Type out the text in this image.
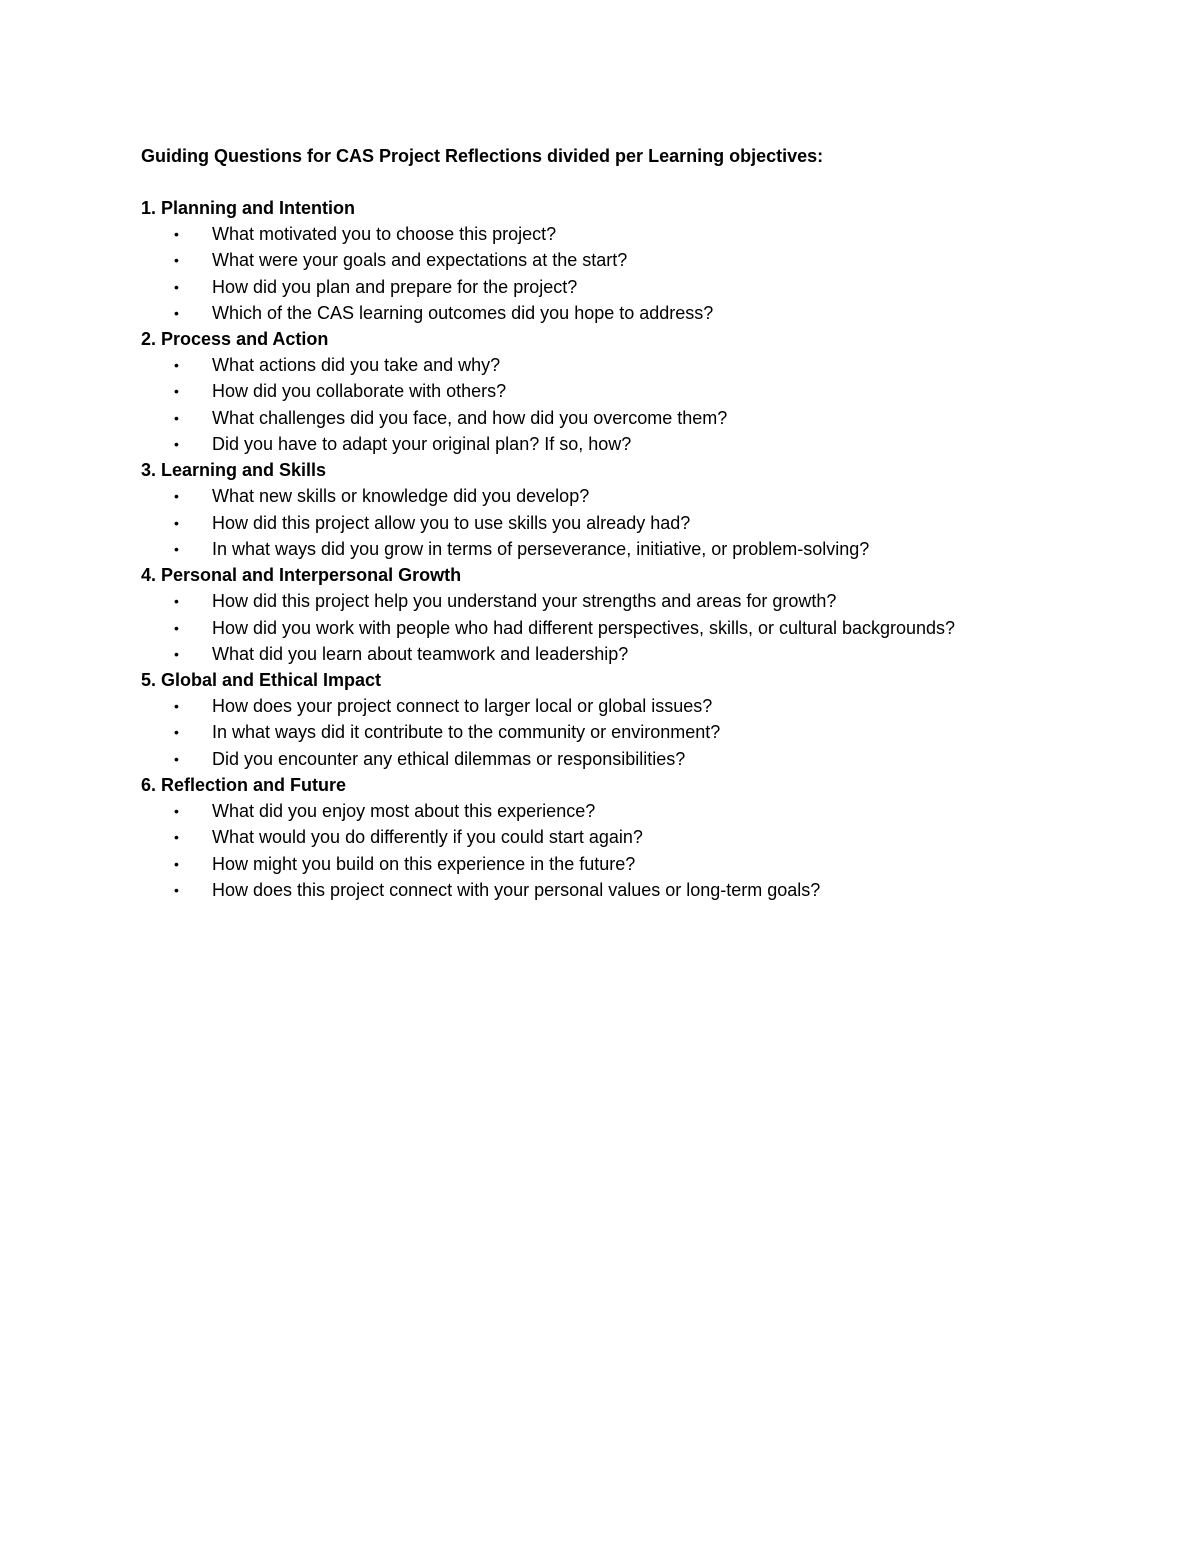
Guiding Questions for CAS Project Reflections divided per Learning objectives:
1. Planning and Intention
• What motivated you to choose this project?
• What were your goals and expectations at the start?
• How did you plan and prepare for the project?
• Which of the CAS learning outcomes did you hope to address?
2. Process and Action
• What actions did you take and why?
• How did you collaborate with others?
• What challenges did you face, and how did you overcome them?
• Did you have to adapt your original plan? If so, how?
3. Learning and Skills
• What new skills or knowledge did you develop?
• How did this project allow you to use skills you already had?
• In what ways did you grow in terms of perseverance, initiative, or problem-solving?
4. Personal and Interpersonal Growth
• How did this project help you understand your strengths and areas for growth?
• How did you work with people who had different perspectives, skills, or cultural backgrounds?
• What did you learn about teamwork and leadership?
5. Global and Ethical Impact
• How does your project connect to larger local or global issues?
• In what ways did it contribute to the community or environment?
• Did you encounter any ethical dilemmas or responsibilities?
6. Reflection and Future
• What did you enjoy most about this experience?
• What would you do differently if you could start again?
• How might you build on this experience in the future?
• How does this project connect with your personal values or long-term goals?
